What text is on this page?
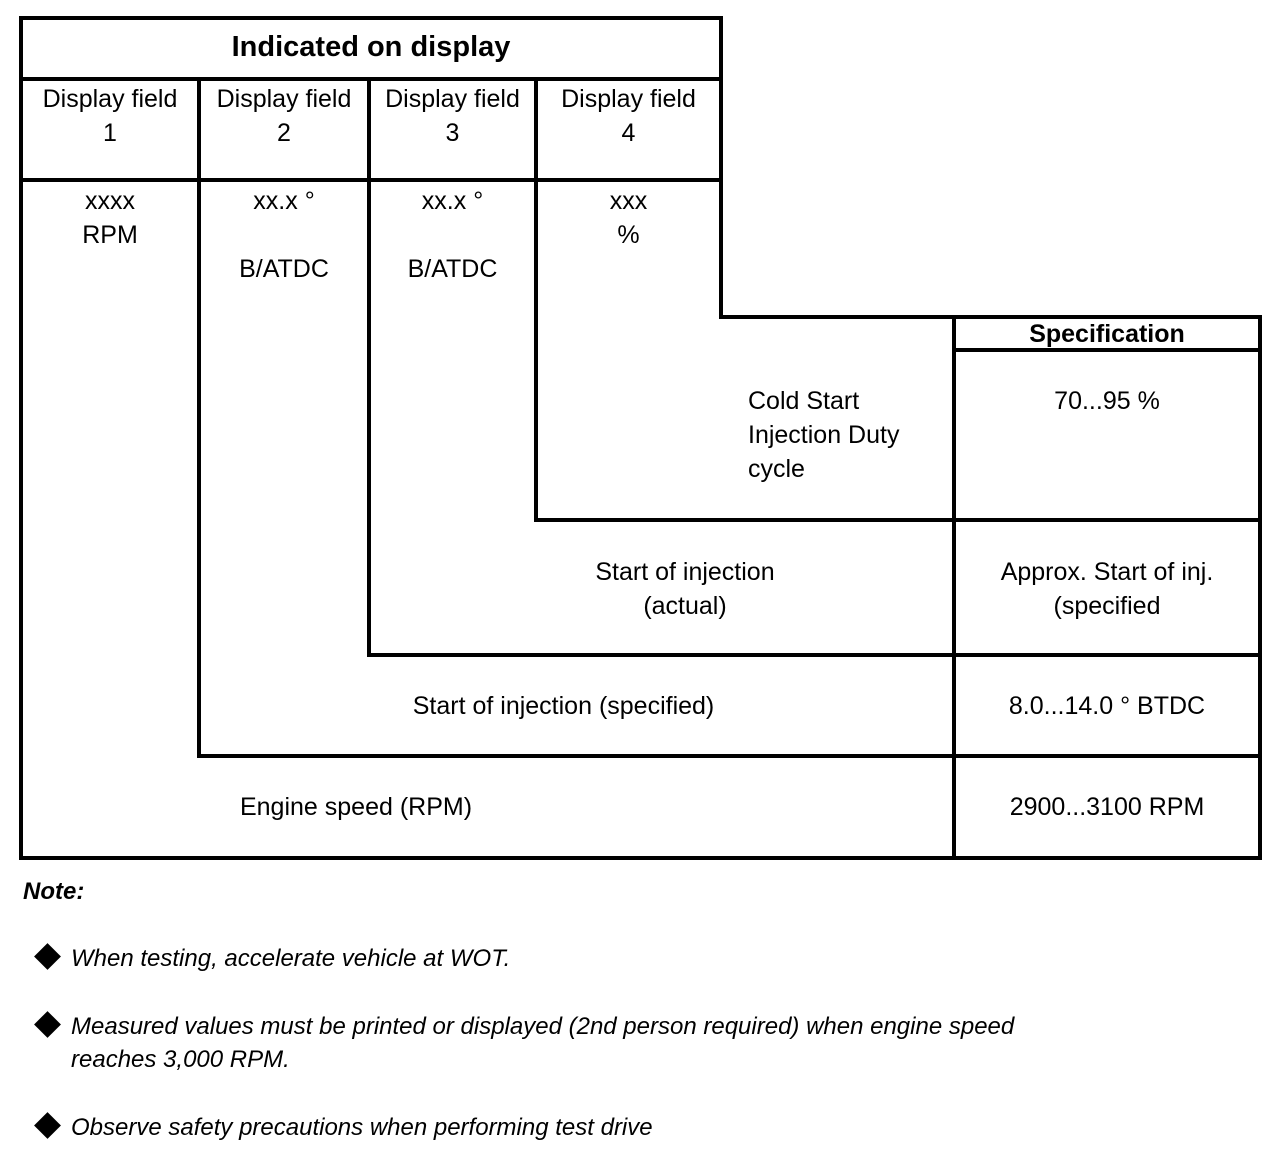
Indicated on display
Display field
1
Display field
2
Display field
3
Display field
4
xxxx
RPM
xx.x °

B/ATDC
xx.x °

B/ATDC
xxx
%
Specification
Cold Start
Injection Duty
cycle
70...95 %
Start of injection
(actual)
Approx. Start of inj.
(specified
Start of injection (specified)	8.0...14.0 ° BTDC
Engine speed (RPM)	2900...3100 RPM
Note:
When testing, accelerate vehicle at WOT.
Measured values must be printed or displayed (2nd person required) when engine speed
reaches 3,000 RPM.
Observe safety precautions when performing test drive
